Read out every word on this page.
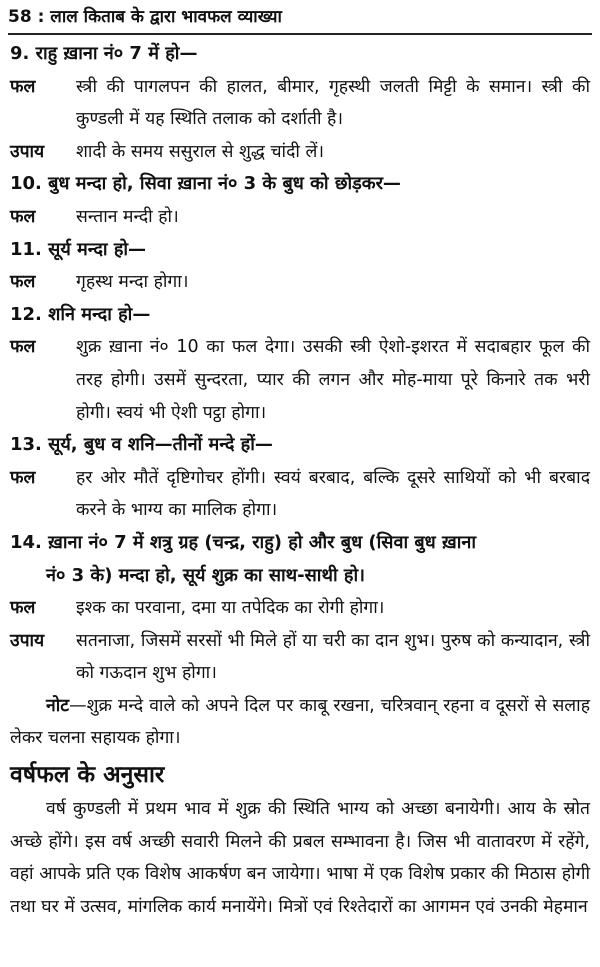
58 : लाल किताब के द्वारा भावफल व्याख्या
9. राहु ख़ाना नं० 7 में हो—
फल	स्त्री की पागलपन की हालत, बीमार, गृहस्थी जलती मिट्टी के समान। स्त्री की कुण्डली में यह स्थिति तलाक को दर्शाती है।
उपाय	शादी के समय ससुराल से शुद्ध चांदी लें।
10. बुध मन्दा हो, सिवा ख़ाना नं० 3 के बुध को छोड़कर—
फल	सन्तान मन्दी हो।
11. सूर्य मन्दा हो—
फल	गृहस्थ मन्दा होगा।
12. शनि मन्दा हो—
फल	शुक्र ख़ाना नं० 10 का फल देगा। उसकी स्त्री ऐशो-इशरत में सदाबहार फूल की तरह होगी। उसमें सुन्दरता, प्यार की लगन और मोह-माया पूरे किनारे तक भरी होगी। स्वयं भी ऐशी पट्ठा होगा।
13. सूर्य, बुध व शनि—तीनों मन्दे हों—
फल	हर ओर मौतें दृष्टिगोचर होंगी। स्वयं बरबाद, बल्कि दूसरे साथियों को भी बरबाद करने के भाग्य का मालिक होगा।
14. ख़ाना नं० 7 में शत्रु ग्रह (चन्द्र, राहु) हो और बुध (सिवा बुध ख़ाना
नं० 3 के) मन्दा हो, सूर्य शुक्र का साथ-साथी हो।
फल	इश्क का परवाना, दमा या तपेदिक का रोगी होगा।
उपाय	सतनाजा, जिसमें सरसों भी मिले हों या चरी का दान शुभ। पुरुष को कन्यादान, स्त्री को गऊदान शुभ होगा।
नोट—शुक्र मन्दे वाले को अपने दिल पर काबू रखना, चरित्रवान् रहना व दूसरों से सलाह लेकर चलना सहायक होगा।
वर्षफल के अनुसार
वर्ष कुण्डली में प्रथम भाव में शुक्र की स्थिति भाग्य को अच्छा बनायेगी। आय के स्रोत अच्छे होंगे। इस वर्ष अच्छी सवारी मिलने की प्रबल सम्भावना है। जिस भी वातावरण में रहेंगे, वहां आपके प्रति एक विशेष आकर्षण बन जायेगा। भाषा में एक विशेष प्रकार की मिठास होगी तथा घर में उत्सव, मांगलिक कार्य मनायेंगे। मित्रों एवं रिश्तेदारों का आगमन एवं उनकी मेहमान
